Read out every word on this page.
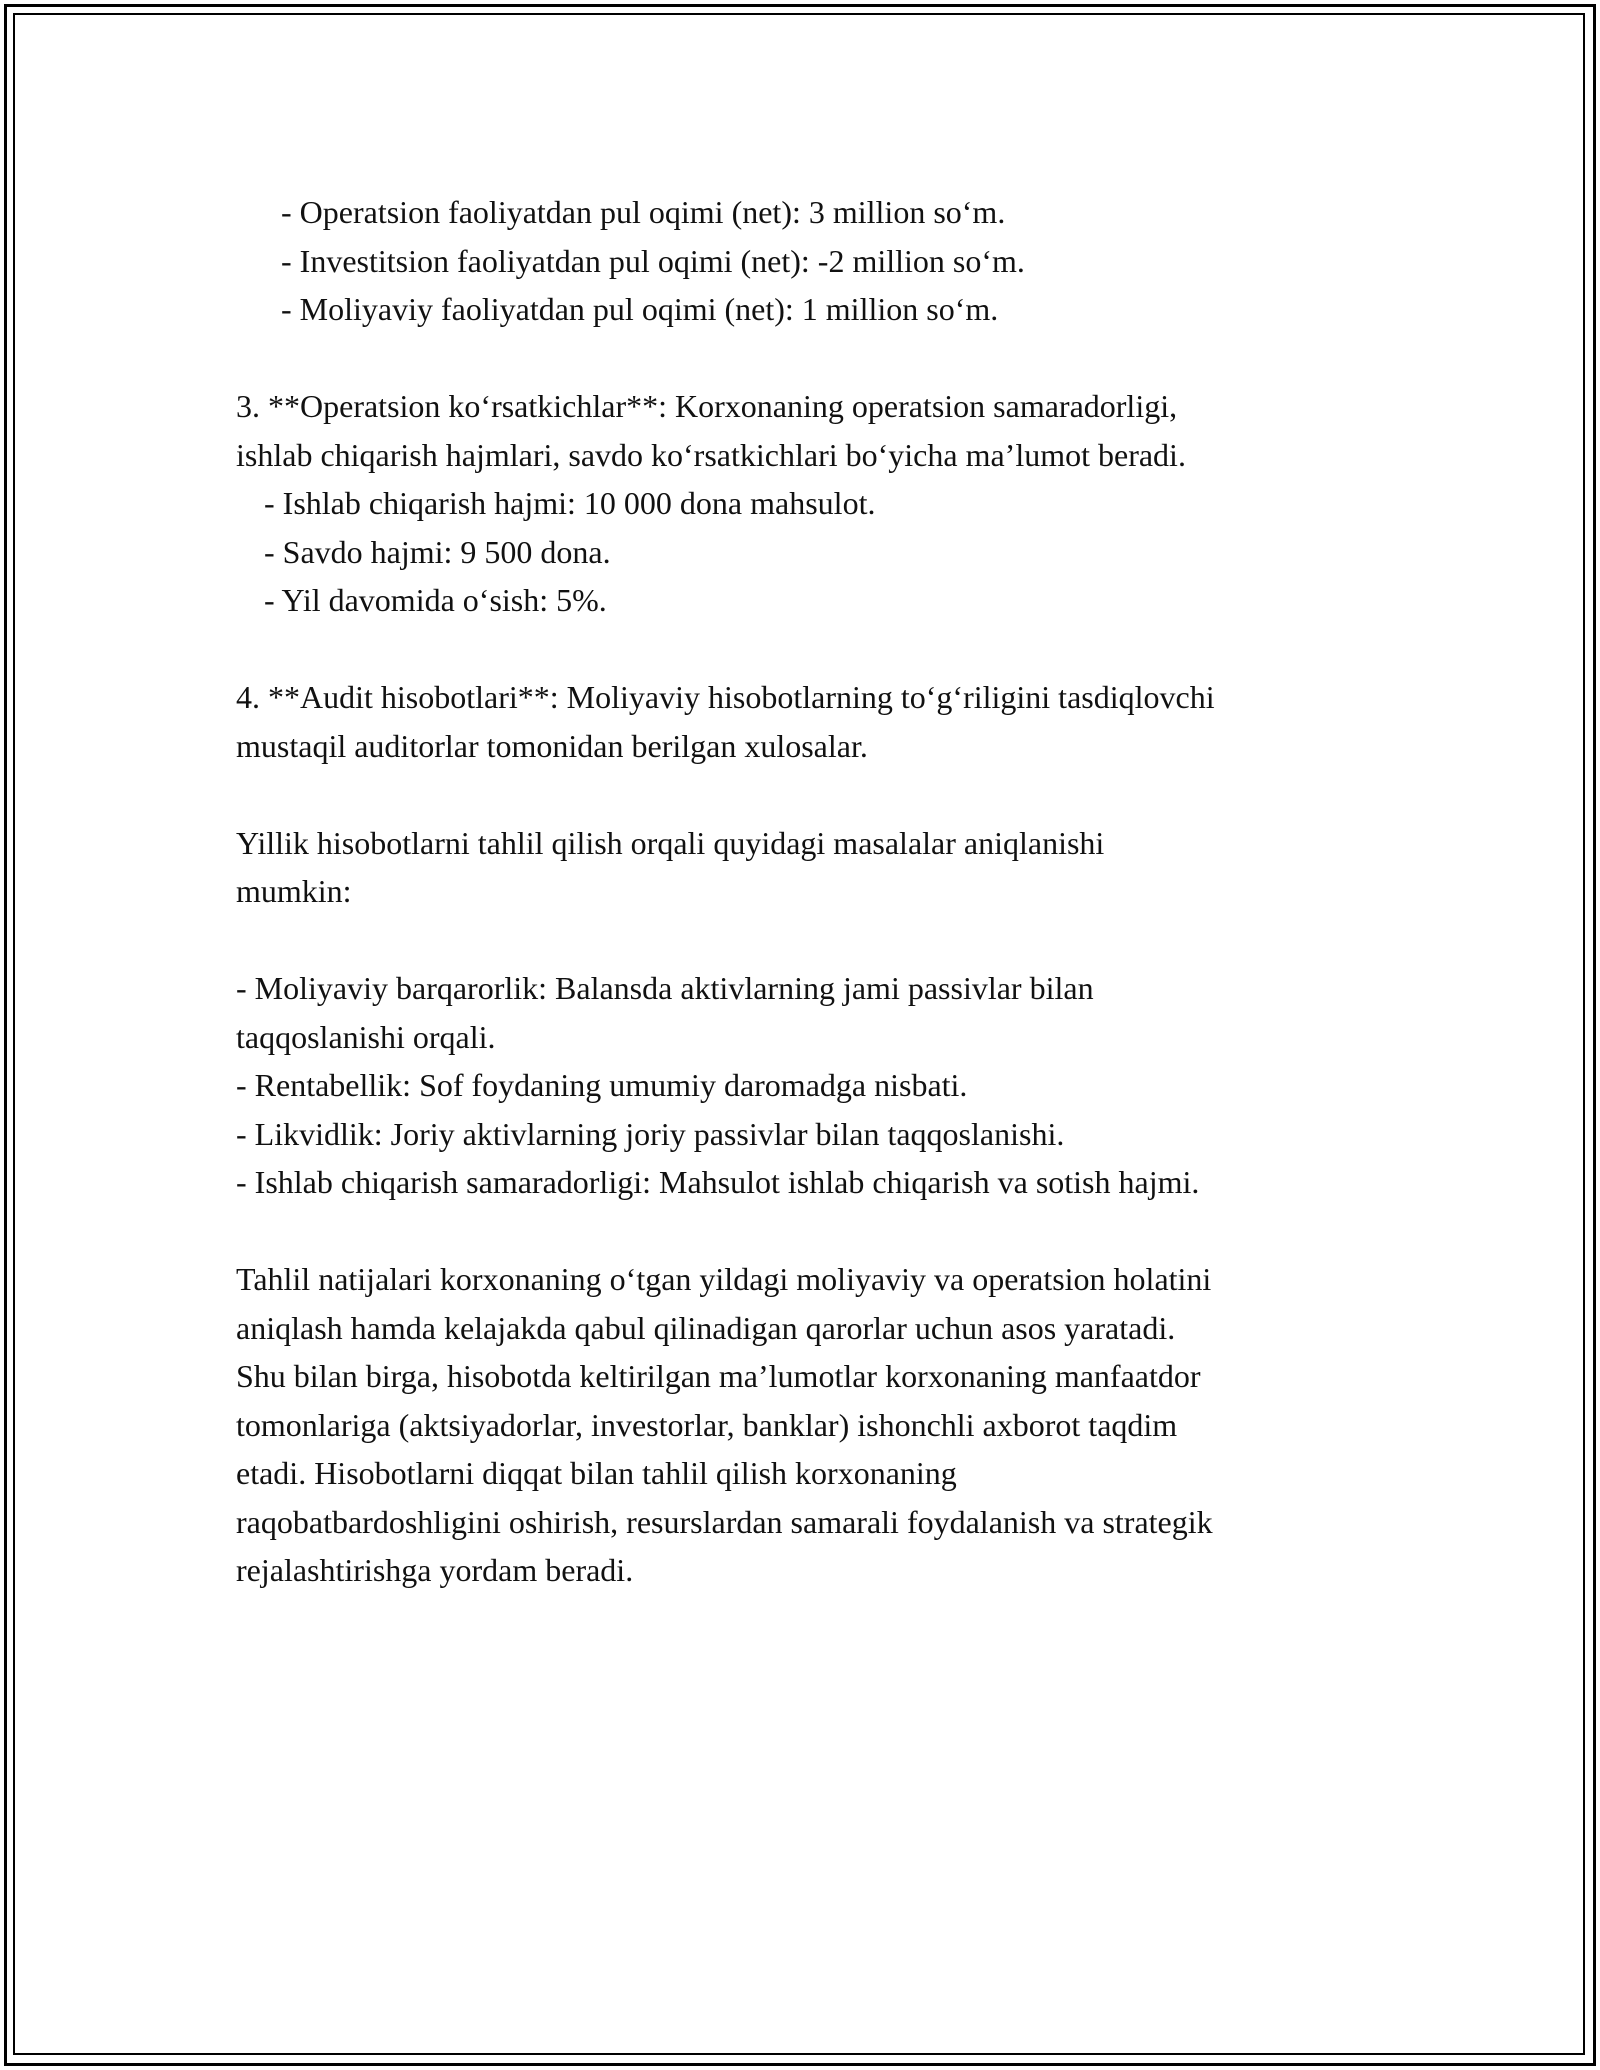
- Operatsion faoliyatdan pul oqimi (net): 3 million so‘m.
- Investitsion faoliyatdan pul oqimi (net): -2 million so‘m.
- Moliyaviy faoliyatdan pul oqimi (net): 1 million so‘m.
3. **Operatsion ko‘rsatkichlar**: Korxonaning operatsion samaradorligi,
ishlab chiqarish hajmlari, savdo ko‘rsatkichlari bo‘yicha ma’lumot beradi.
- Ishlab chiqarish hajmi: 10 000 dona mahsulot.
- Savdo hajmi: 9 500 dona.
- Yil davomida o‘sish: 5%.
4. **Audit hisobotlari**: Moliyaviy hisobotlarning to‘g‘riligini tasdiqlovchi
mustaqil auditorlar tomonidan berilgan xulosalar.
Yillik hisobotlarni tahlil qilish orqali quyidagi masalalar aniqlanishi
mumkin:
- Moliyaviy barqarorlik: Balansda aktivlarning jami passivlar bilan
taqqoslanishi orqali.
- Rentabellik: Sof foydaning umumiy daromadga nisbati.
- Likvidlik: Joriy aktivlarning joriy passivlar bilan taqqoslanishi.
- Ishlab chiqarish samaradorligi: Mahsulot ishlab chiqarish va sotish hajmi.
Tahlil natijalari korxonaning o‘tgan yildagi moliyaviy va operatsion holatini
aniqlash hamda kelajakda qabul qilinadigan qarorlar uchun asos yaratadi.
Shu bilan birga, hisobotda keltirilgan ma’lumotlar korxonaning manfaatdor
tomonlariga (aktsiyadorlar, investorlar, banklar) ishonchli axborot taqdim
etadi. Hisobotlarni diqqat bilan tahlil qilish korxonaning
raqobatbardoshligini oshirish, resurslardan samarali foydalanish va strategik
rejalashtirishga yordam beradi.
